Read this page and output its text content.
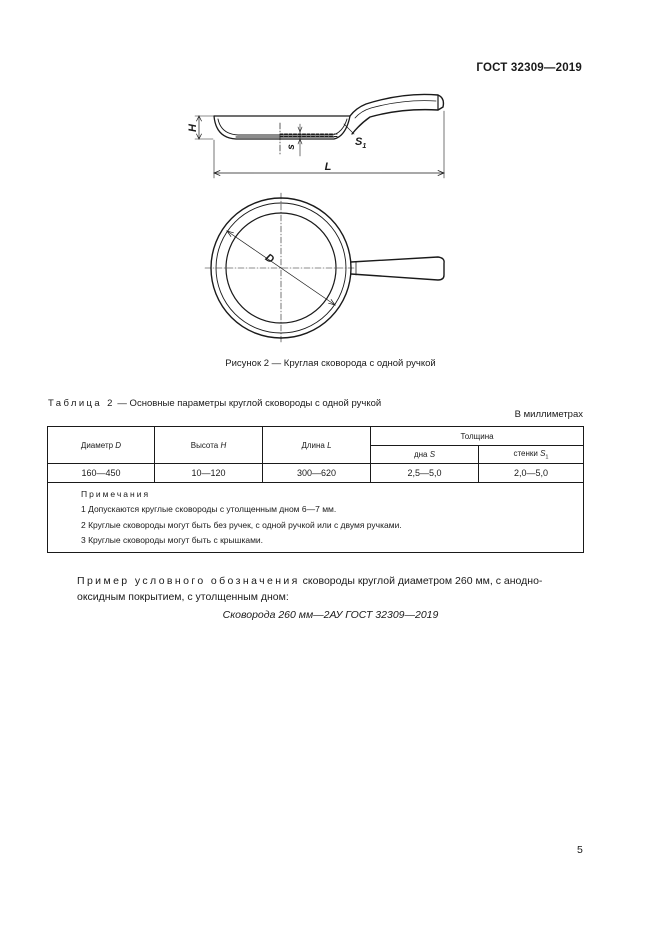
ГОСТ 32309—2019
H
s	$S_1$
L
D
Рисунок 2 — Круглая сковорода с одной ручкой
Таблица 2 — Основные параметры круглой сковороды с одной ручкой
В миллиметрах
Диаметр D	Высота H	Длина L	Толщина	
			дна S	стенки $S_1$
160—450	10—120	300—620	2,5—5,0	2,0—5,0

Примечания
1 Допускаются круглые сковороды с утолщенным дном 6—7 мм.
2 Круглые сковороды могут быть без ручек, с одной ручкой или с двумя ручками.
3 Круглые сковороды могут быть с крышками.				
Пример условного обозначения сковороды круглой диаметром 260 мм, с анодно-оксидным покрытием, с утолщенным дном:
Сковорода 260 мм—2АУ ГОСТ 32309—2019
5
